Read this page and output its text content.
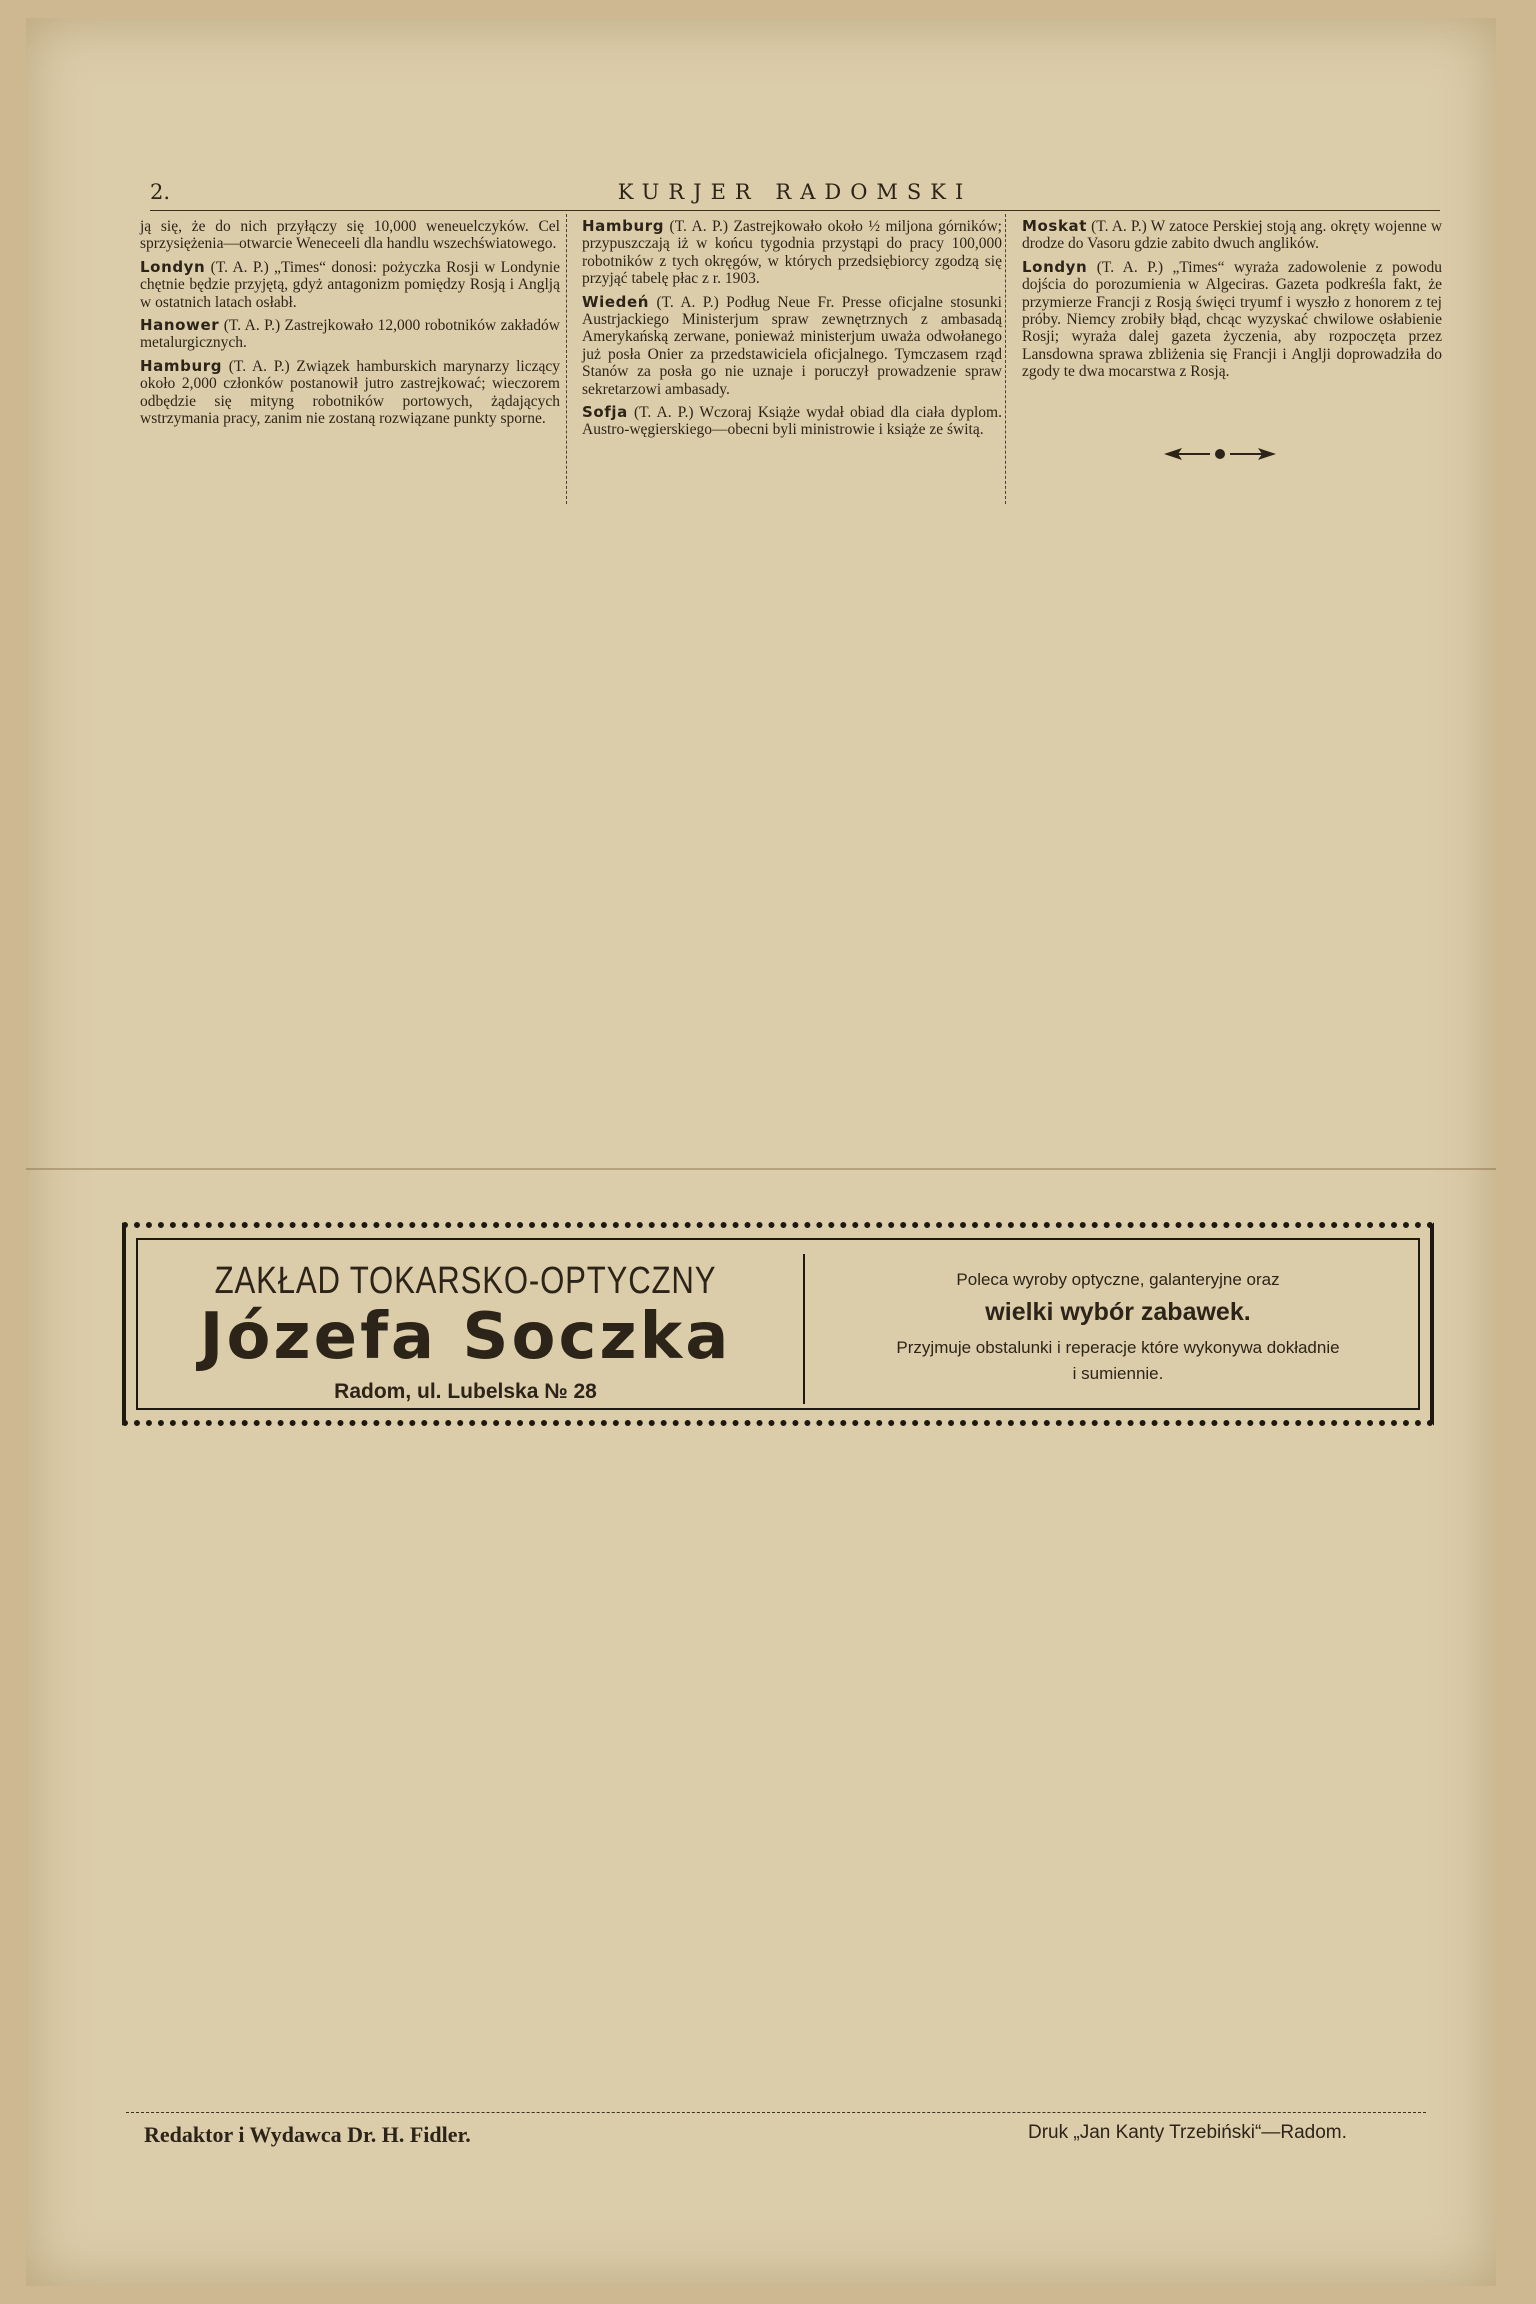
2.	KURJER RADOMSKI

ją się, że do nich przyłączy się 10,000 weneuelczyków. Cel sprzysiężenia—otwarcie Weneceeli dla handlu wszechświatowego.

Londyn (T. A. P.) „Times“ donosi: pożyczka Rosji w Londynie chętnie będzie przyjętą, gdyż antagonizm pomiędzy Rosją i Anglją w ostatnich latach osłabł.

Hanower (T. A. P.) Zastrejkowało 12,000 robotników zakładów metalurgicznych.

Hamburg (T. A. P.) Związek hamburskich marynarzy liczący około 2,000 członków postanowił jutro zastrejkować; wieczorem odbędzie się mityng robotników portowych, żądających wstrzymania pracy, zanim nie zostaną rozwiązane punkty sporne.

Hamburg (T. A. P.) Zastrejkowało około ½ miljona górników; przypuszczają iż w końcu tygodnia przystąpi do pracy 100,000 robotników z tych okręgów, w których przedsiębiorcy zgodzą się przyjąć tabelę płac z r. 1903.

Wiedeń (T. A. P.) Podług Neue Fr. Presse oficjalne stosunki Austrjackiego Ministerjum spraw zewnętrznych z ambasadą Amerykańską zerwane, ponieważ ministerjum uważa odwołanego już posła Onier za przedstawiciela oficjalnego. Tymczasem rząd Stanów za posła go nie uznaje i poruczył prowadzenie spraw sekretarzowi ambasady.

Sofja (T. A. P.) Wczoraj Książe wydał obiad dla ciała dyplom. Austro-węgierskiego—obecni byli ministrowie i książe ze świtą.

Moskat (T. A. P.) W zatoce Perskiej stoją ang. okręty wojenne w drodze do Vasoru gdzie zabito dwuch anglików.

Londyn (T. A. P.) „Times“ wyraża zadowolenie z powodu dojścia do porozumienia w Algeciras. Gazeta podkreśla fakt, że przymierze Francji z Rosją święci tryumf i wyszło z honorem z tej próby. Niemcy zrobiły błąd, chcąc wyzyskać chwilowe osłabienie Rosji; wyraża dalej gazeta życzenia, aby rozpoczęta przez Lansdowna sprawa zbliżenia się Francji i Anglji doprowadziła do zgody te dwa mocarstwa z Rosją.

ZAKŁAD TOKARSKO-OPTYCZNY
Józefa Soczka
Radom, ul. Lubelska № 28
Poleca wyroby optyczne, galanteryjne oraz
wielki wybór zabawek.
Przyjmuje obstalunki i reperacje które wykonywa dokładnie
i sumiennie.
Redaktor i Wydawca Dr. H. Fidler.	Druk „Jan Kanty Trzebiński“—Radom.
